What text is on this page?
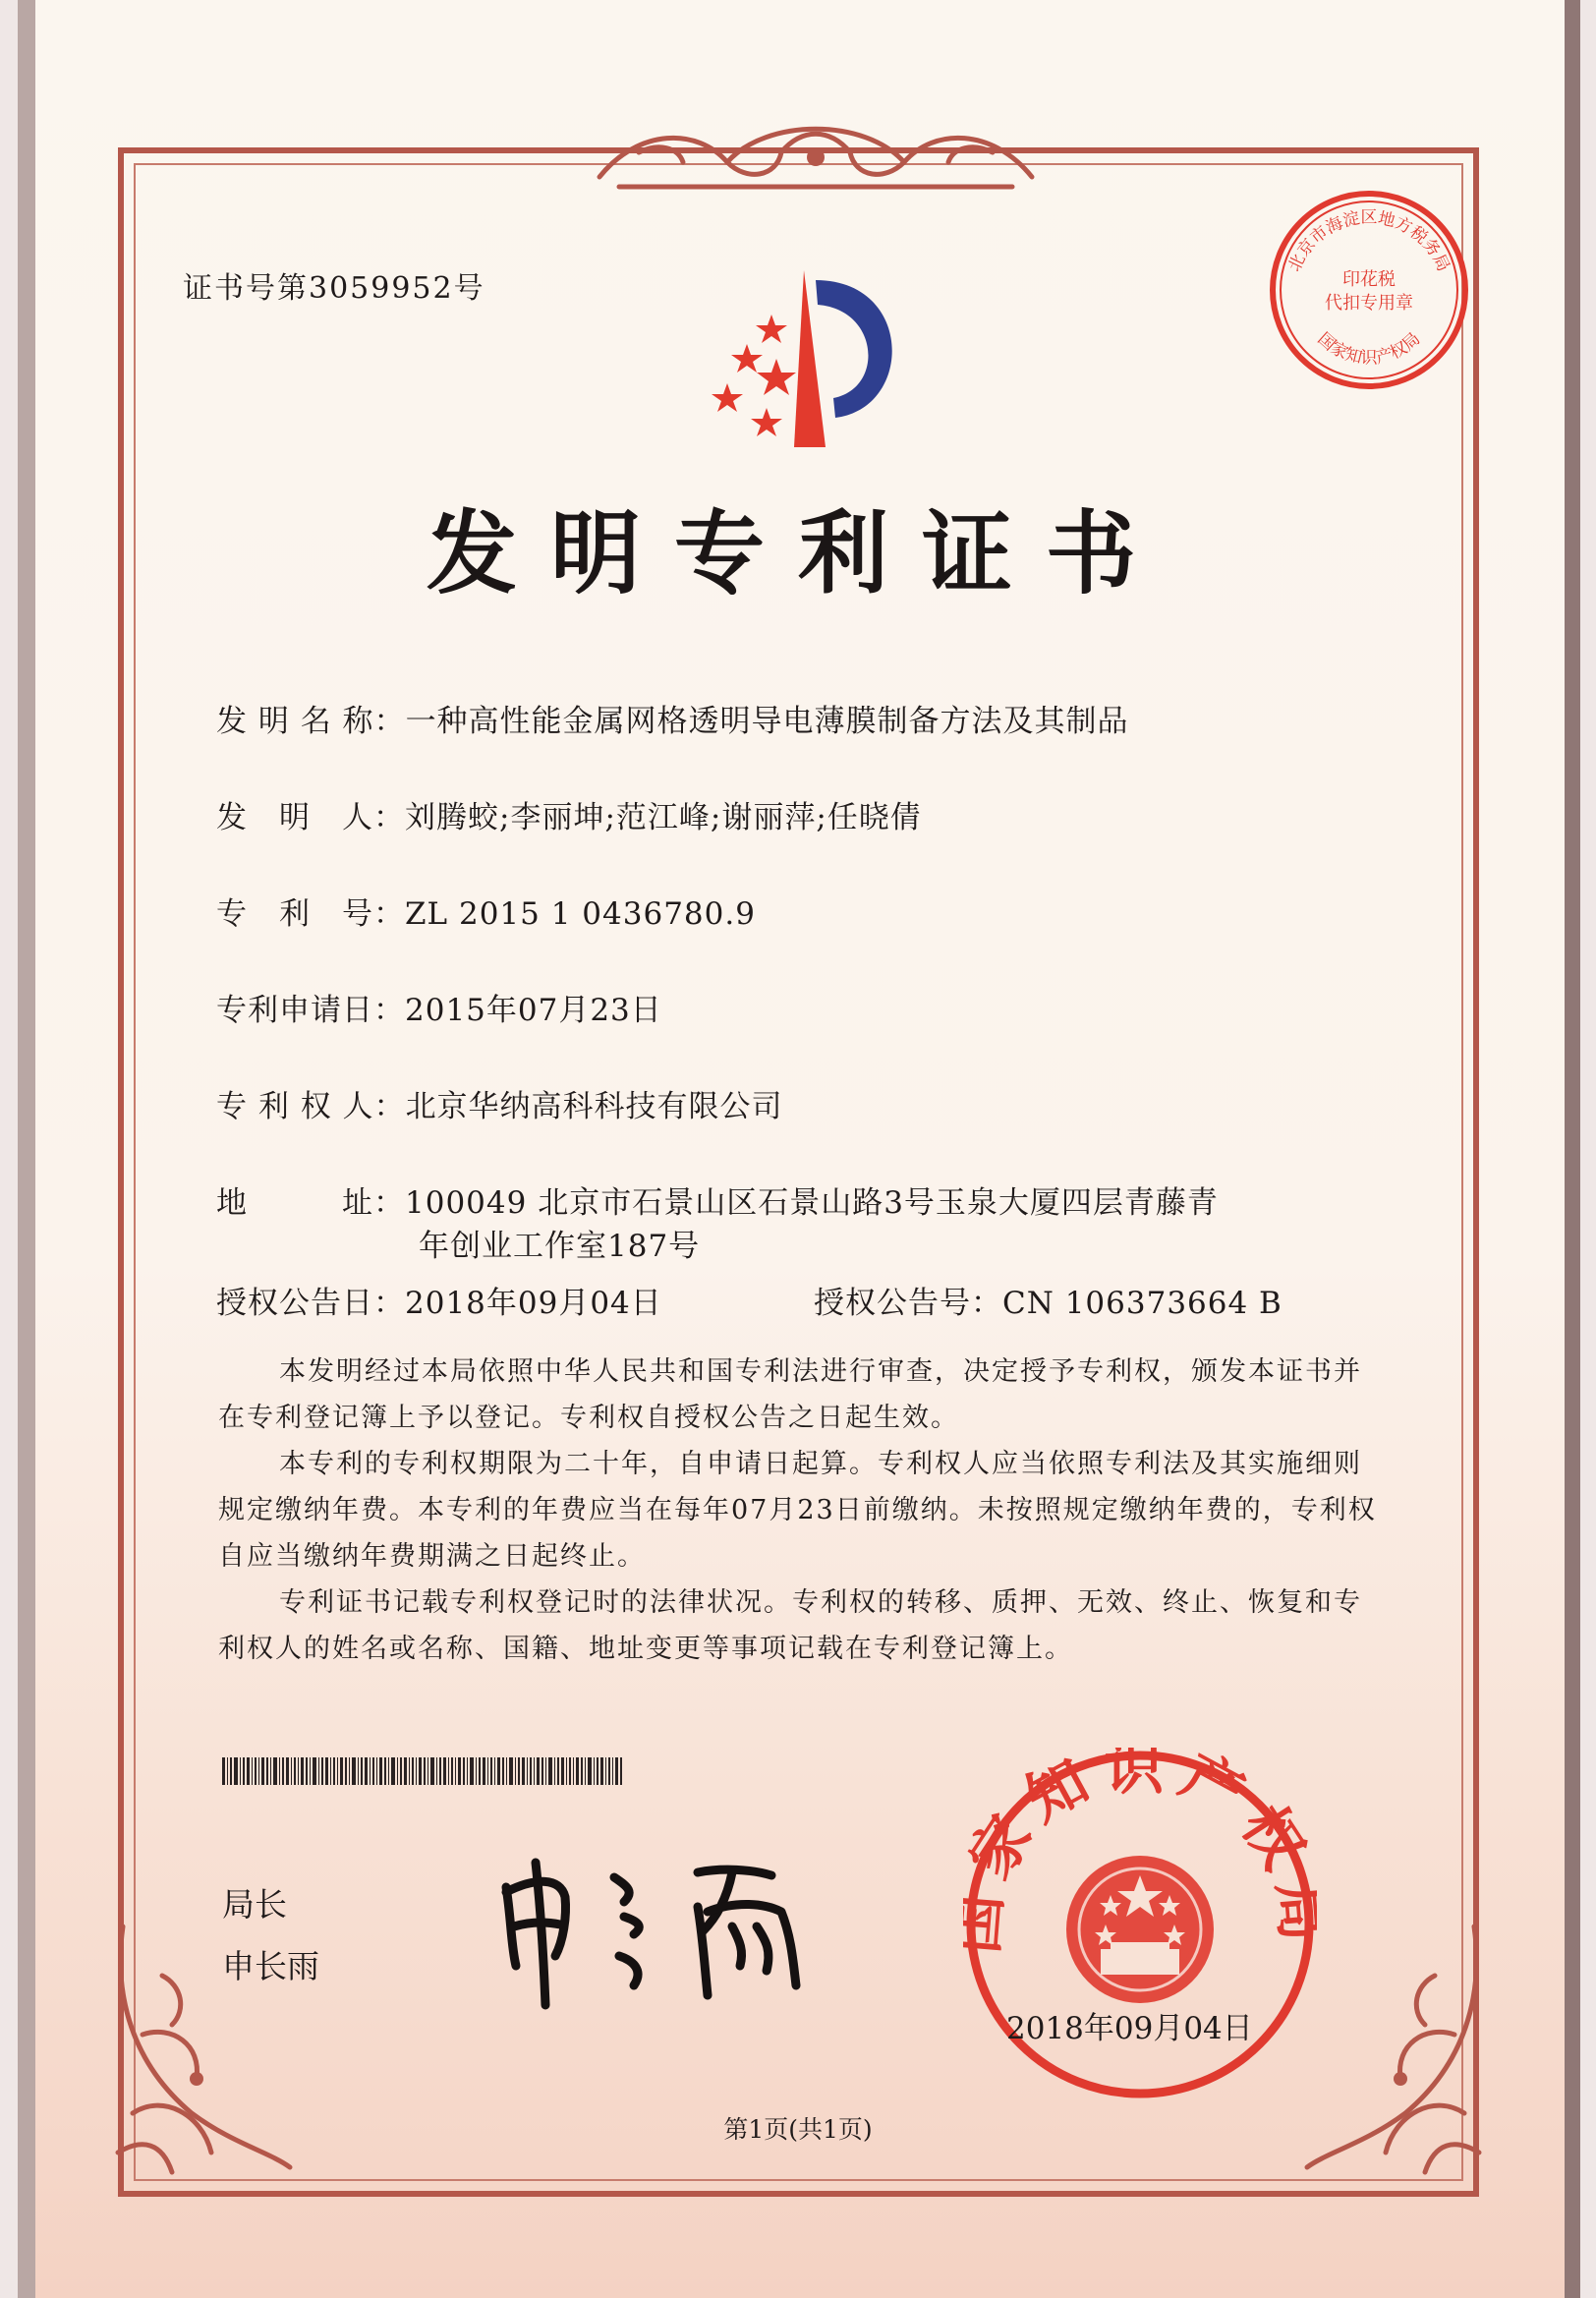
证书号第3059952号
北京市海淀区地方税务局
国家知识产权局
印花税
代扣专用章
发明专利证书
发 明 名 称：一种高性能金属网格透明导电薄膜制备方法及其制品
发　明　人：刘腾蛟;李丽坤;范江峰;谢丽萍;任晓倩
专　利　号：ZL 2015 1 0436780.9
专利申请日：2015年07月23日
专 利 权 人：北京华纳高科科技有限公司
地　　　址：100049 北京市石景山区石景山路3号玉泉大厦四层青藤青
年创业工作室187号
授权公告日：2018年09月04日	授权公告号：CN 106373664 B

本发明经过本局依照中华人民共和国专利法进行审查，决定授予专利权，颁发本证书并在专利登记簿上予以登记。专利权自授权公告之日起生效。

本专利的专利权期限为二十年，自申请日起算。专利权人应当依照专利法及其实施细则规定缴纳年费。本专利的年费应当在每年07月23日前缴纳。未按照规定缴纳年费的，专利权自应当缴纳年费期满之日起终止。

专利证书记载专利权登记时的法律状况。专利权的转移、质押、无效、终止、恢复和专利权人的姓名或名称、国籍、地址变更等事项记载在专利登记簿上。

局长
申长雨
家知识产权
2018年09月04日
第1页(共1页)
